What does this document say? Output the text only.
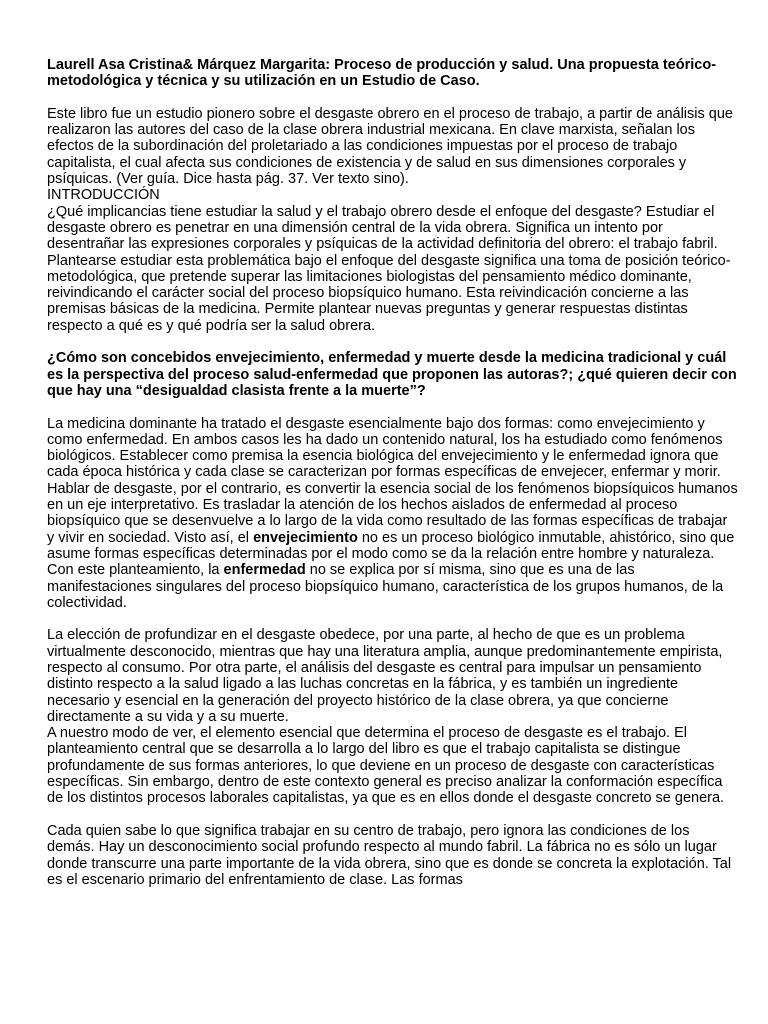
Laurell Asa Cristina& Márquez Margarita: Proceso de producción y salud. Una propuesta teórico-metodológica y técnica y su utilización en un Estudio de Caso.

Este libro fue un estudio pionero sobre el desgaste obrero en el proceso de trabajo, a partir de análisis que realizaron las autores del caso de la clase obrera industrial mexicana. En clave marxista, señalan los efectos de la subordinación del proletariado a las condiciones impuestas por el proceso de trabajo capitalista, el cual afecta sus condiciones de existencia y de salud en sus dimensiones corporales y psíquicas. (Ver guía. Dice hasta pág. 37. Ver texto sino).

INTRODUCCIÓN

¿Qué implicancias tiene estudiar la salud y el trabajo obrero desde el enfoque del desgaste? Estudiar el desgaste obrero es penetrar en una dimensión central de la vida obrera. Significa un intento por desentrañar las expresiones corporales y psíquicas de la actividad definitoria del obrero: el trabajo fabril. Plantearse estudiar esta problemática bajo el enfoque del desgaste significa una toma de posición teórico-metodológica, que pretende superar las limitaciones biologistas del pensamiento médico dominante, reivindicando el carácter social del proceso biopsíquico humano. Esta reivindicación concierne a las premisas básicas de la medicina. Permite plantear nuevas preguntas y generar respuestas distintas respecto a qué es y qué podría ser la salud obrera.

¿Cómo son concebidos envejecimiento, enfermedad y muerte desde la medicina tradicional y cuál es la perspectiva del proceso salud-enfermedad que proponen las autoras?; ¿qué quieren decir con que hay una “desigualdad clasista frente a la muerte”?

La medicina dominante ha tratado el desgaste esencialmente bajo dos formas: como envejecimiento y como enfermedad. En ambos casos les ha dado un contenido natural, los ha estudiado como fenómenos biológicos. Establecer como premisa la esencia biológica del envejecimiento y le enfermedad ignora que cada época histórica y cada clase se caracterizan por formas específicas de envejecer, enfermar y morir.

Hablar de desgaste, por el contrario, es convertir la esencia social de los fenómenos biopsíquicos humanos en un eje interpretativo. Es trasladar la atención de los hechos aislados de enfermedad al proceso biopsíquico que se desenvuelve a lo largo de la vida como resultado de las formas específicas de trabajar y vivir en sociedad. Visto así, el envejecimiento no es un proceso biológico inmutable, ahistórico, sino que asume formas específicas determinadas por el modo como se da la relación entre hombre y naturaleza. Con este planteamiento, la enfermedad no se explica por sí misma, sino que es una de las manifestaciones singulares del proceso biopsíquico humano, característica de los grupos humanos, de la colectividad.

La elección de profundizar en el desgaste obedece, por una parte, al hecho de que es un problema virtualmente desconocido, mientras que hay una literatura amplia, aunque predominantemente empirista, respecto al consumo. Por otra parte, el análisis del desgaste es central para impulsar un pensamiento distinto respecto a la salud ligado a las luchas concretas en la fábrica, y es también un ingrediente necesario y esencial en la generación del proyecto histórico de la clase obrera, ya que concierne directamente a su vida y a su muerte.

A nuestro modo de ver, el elemento esencial que determina el proceso de desgaste es el trabajo. El planteamiento central que se desarrolla a lo largo del libro es que el trabajo capitalista se distingue profundamente de sus formas anteriores, lo que deviene en un proceso de desgaste con características específicas. Sin embargo, dentro de este contexto general es preciso analizar la conformación específica de los distintos procesos laborales capitalistas, ya que es en ellos donde el desgaste concreto se genera.

Cada quien sabe lo que significa trabajar en su centro de trabajo, pero ignora las condiciones de los demás. Hay un desconocimiento social profundo respecto al mundo fabril. La fábrica no es sólo un lugar donde transcurre una parte importante de la vida obrera, sino que es donde se concreta la explotación. Tal es el escenario primario del enfrentamiento de clase. Las formas
